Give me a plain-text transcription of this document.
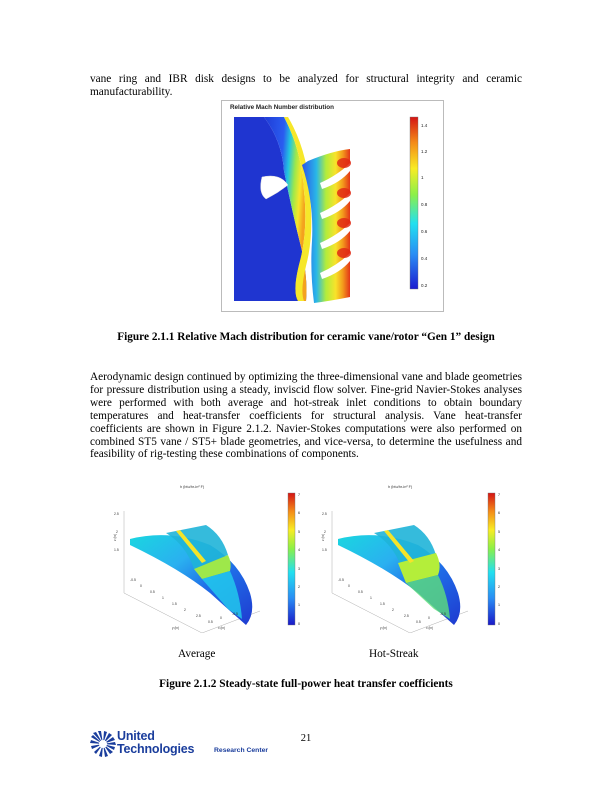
vane ring and IBR disk designs to be analyzed for structural integrity and ceramic manufacturability.

1.4
1.2
1
0.8
0.6
0.4
0.2
Relative Mach Number distribution
Figure 2.1.1 Relative Mach distribution for ceramic vane/rotor “Gen 1” design

Aerodynamic design continued by optimizing the three-dimensional vane and blade geometries for pressure distribution using a steady, inviscid flow solver. Fine-grid Navier-Stokes analyses were performed with both average and hot-streak inlet conditions to obtain boundary temperatures and heat-transfer coefficients for structural analysis. Vane heat-transfer coefficients are shown in Figure 2.1.2. Navier-Stokes computations were also performed on combined ST5 vane / ST5+ blade geometries, and vice-versa, to determine the usefulness and feasibility of rig-testing these combinations of components.

7
6
5
4
3
2
1
0
2.5
2
1.5
z (in)
-0.5
0
0.5
1
1.5
2
2.5
y (in)
0.5
0
-0.5
x (in)
h (btu/hr-in² F)
7
6
5
4
3
2
1
0
2.5
2
1.5
z (in)
-0.5
0
0.5
1
1.5
2
2.5
y (in)
0.5
0
-0.5
x (in)
h (btu/hr-in² F)
Average	Hot-Streak
Figure 2.1.2 Steady-state full-power heat transfer coefficients
21
United
Technologies	Research Center
